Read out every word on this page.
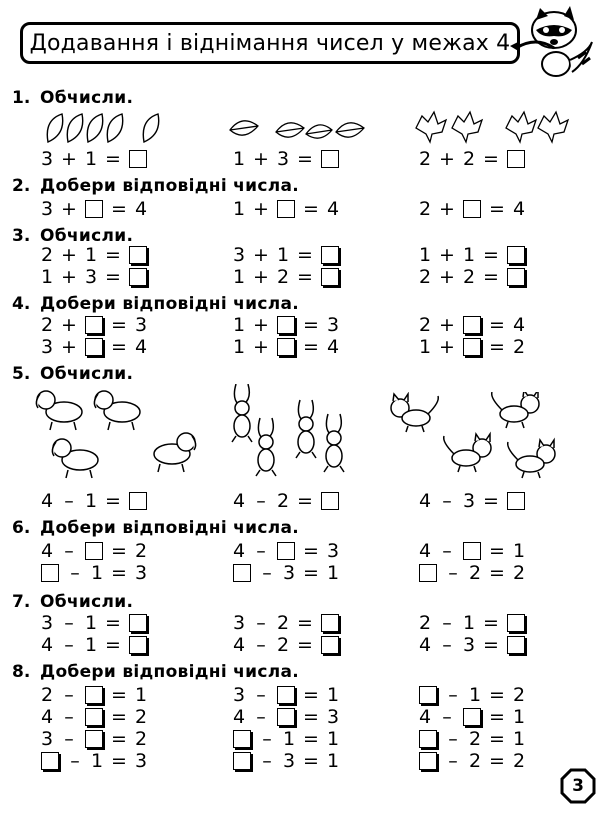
Додавання і віднімання чисел у межах 4
1. Обчисли.
3 + 1 =	1 + 3 =	2 + 2 =
2. Добери відповідні числа.
3 +	= 4	1 +	= 4	2 +	= 4
3. Обчисли.
2 + 1 =	3 + 1 =	1 + 1 =
1 + 3 =	1 + 2 =	2 + 2 =
4. Добери відповідні числа.
2 +	= 3	1 +	= 3	2 +	= 4
3 +	= 4	1 +	= 4	1 +	= 2
5. Обчисли.
4 – 1 =	4 – 2 =	4 – 3 =
6. Добери відповідні числа.
4 –	= 2	4 –	= 3	4 –	= 1
– 1 = 3	– 3 = 1	– 2 = 2
7. Обчисли.
3 – 1 =	3 – 2 =	2 – 1 =
4 – 1 =	4 – 2 =	4 – 3 =
8. Добери відповідні числа.
2 –	= 1	3 –	= 1	– 1 = 2
4 –	= 2	4 –	= 3	4 –	= 1
3 –	= 2	– 1 = 1	– 2 = 1
– 1 = 3	– 3 = 1	– 2 = 2
3
